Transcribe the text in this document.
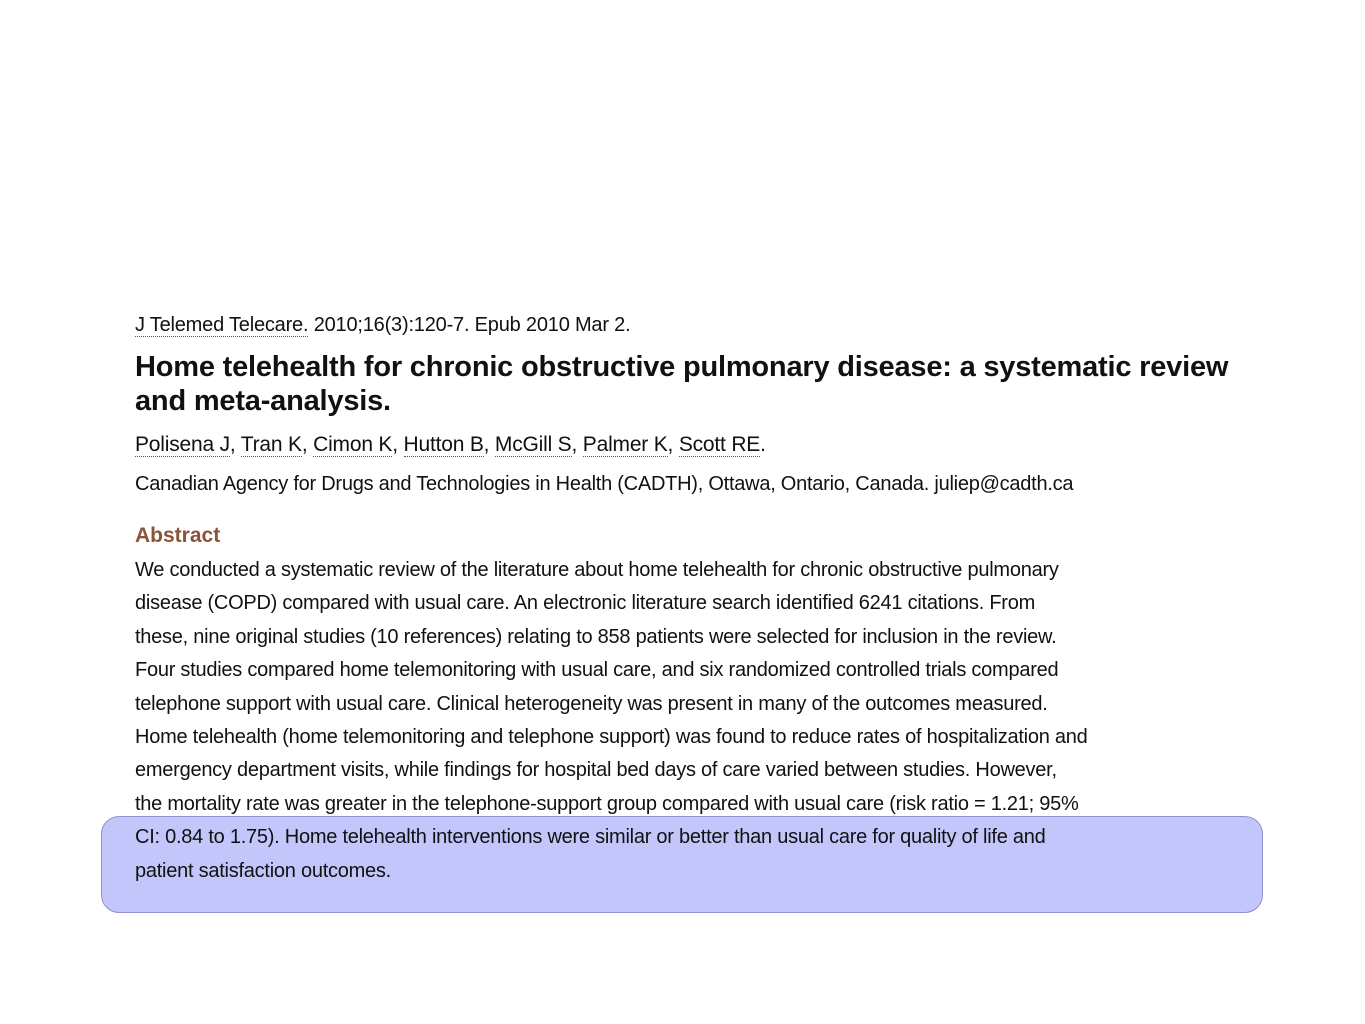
J Telemed Telecare. 2010;16(3):120-7. Epub 2010 Mar 2.
Home telehealth for chronic obstructive pulmonary disease: a systematic review and meta-analysis.
Polisena J, Tran K, Cimon K, Hutton B, McGill S, Palmer K, Scott RE.
Canadian Agency for Drugs and Technologies in Health (CADTH), Ottawa, Ontario, Canada. juliep@cadth.ca
Abstract

We conducted a systematic review of the literature about home telehealth for chronic obstructive pulmonary
disease (COPD) compared with usual care. An electronic literature search identified 6241 citations. From
these, nine original studies (10 references) relating to 858 patients were selected for inclusion in the review.
Four studies compared home telemonitoring with usual care, and six randomized controlled trials compared
telephone support with usual care. Clinical heterogeneity was present in many of the outcomes measured.
Home telehealth (home telemonitoring and telephone support) was found to reduce rates of hospitalization and
emergency department visits, while findings for hospital bed days of care varied between studies. However,
the mortality rate was greater in the telephone-support group compared with usual care (risk ratio = 1.21; 95%
CI: 0.84 to 1.75). Home telehealth interventions were similar or better than usual care for quality of life and
patient satisfaction outcomes.
